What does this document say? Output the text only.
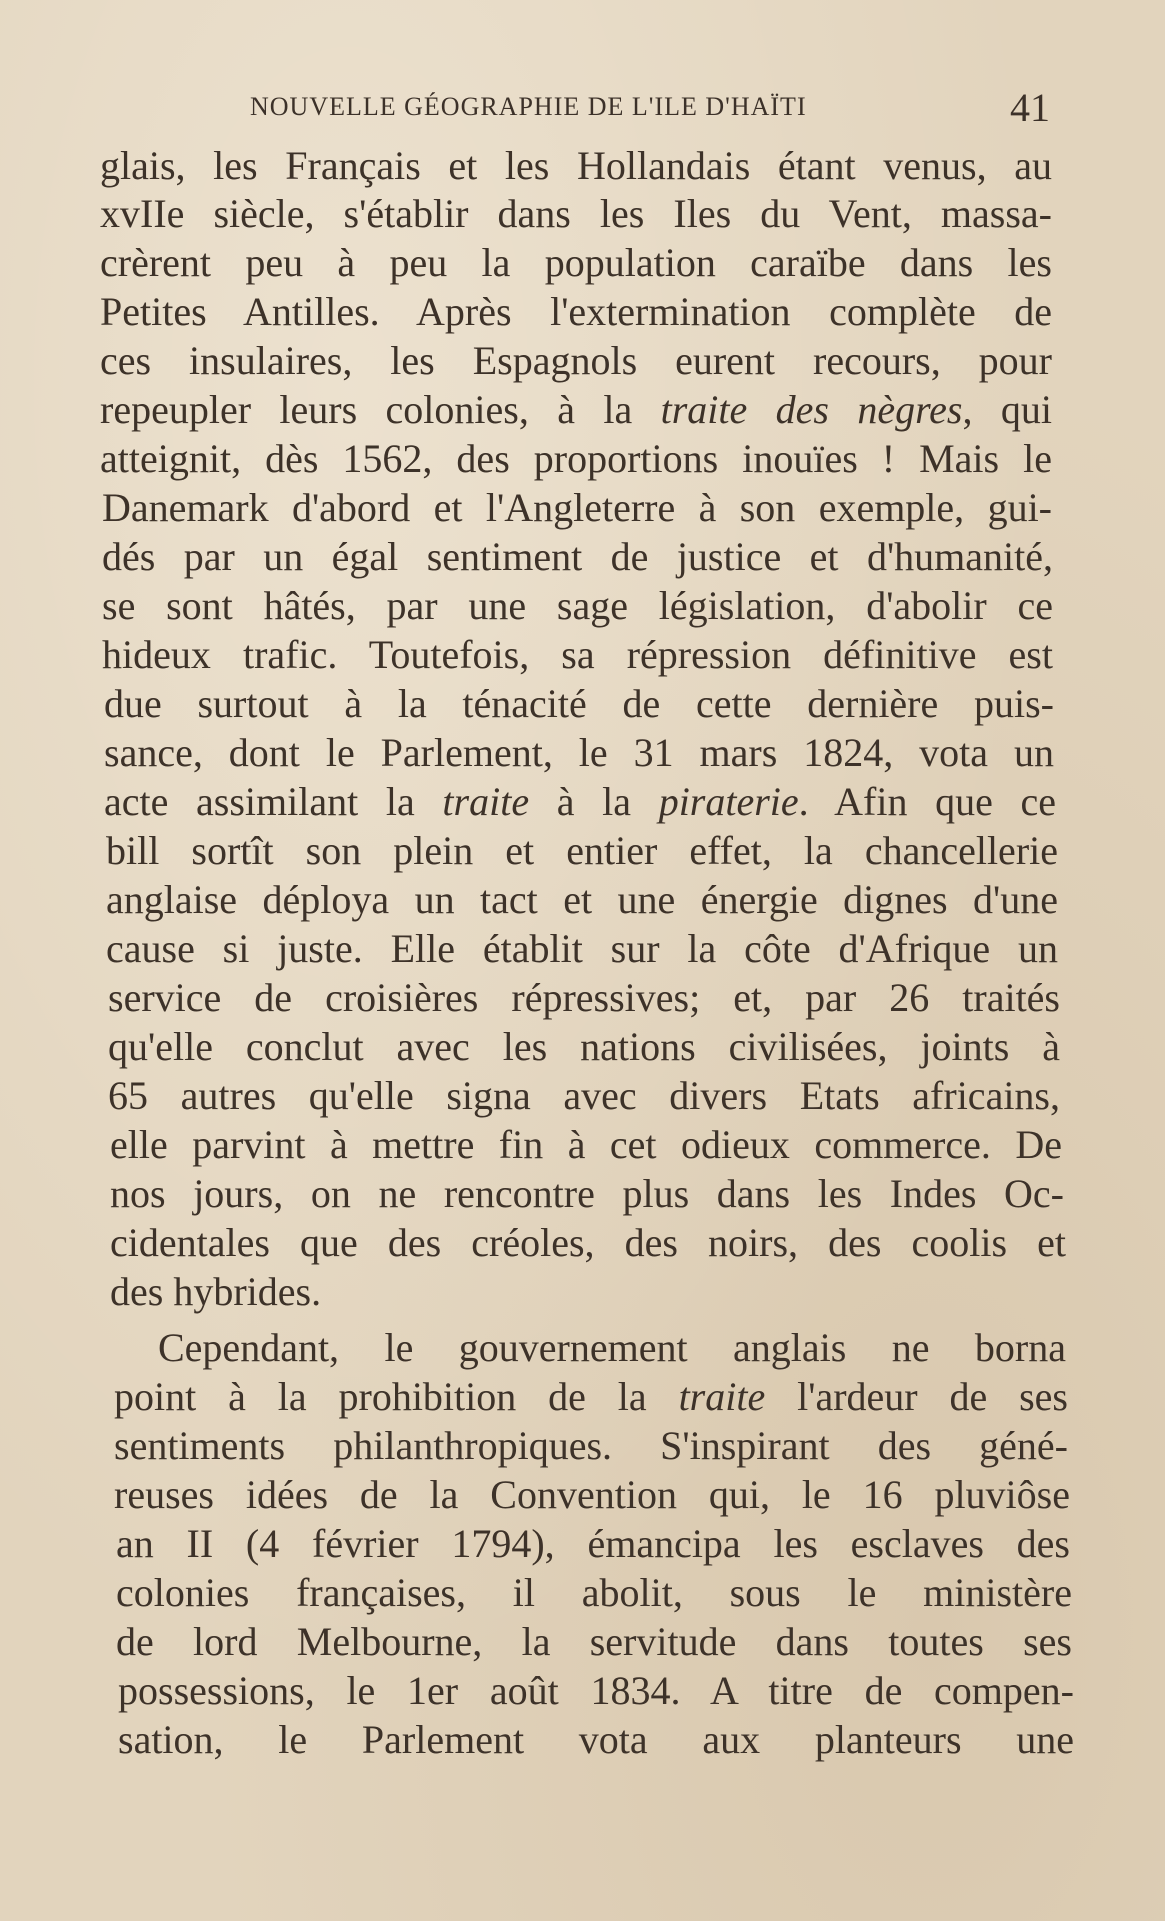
NOUVELLE GÉOGRAPHIE DE L'ILE D'HAÏTI	41
glais, les Français et les Hollandais étant venus, au
xvIIe siècle, s'établir dans les Iles du Vent, massa-
crèrent peu à peu la population caraïbe dans les
Petites Antilles. Après l'extermination complète de
ces insulaires, les Espagnols eurent recours, pour
repeupler leurs colonies, à la traite des nègres, qui
atteignit, dès 1562, des proportions inouïes ! Mais le
Danemark d'abord et l'Angleterre à son exemple, gui-
dés par un égal sentiment de justice et d'humanité,
se sont hâtés, par une sage législation, d'abolir ce
hideux trafic. Toutefois, sa répression définitive est
due surtout à la ténacité de cette dernière puis-
sance, dont le Parlement, le 31 mars 1824, vota un
acte assimilant la traite à la piraterie. Afin que ce
bill sortît son plein et entier effet, la chancellerie
anglaise déploya un tact et une énergie dignes d'une
cause si juste. Elle établit sur la côte d'Afrique un
service de croisières répressives; et, par 26 traités
qu'elle conclut avec les nations civilisées, joints à
65 autres qu'elle signa avec divers Etats africains,
elle parvint à mettre fin à cet odieux commerce. De
nos jours, on ne rencontre plus dans les Indes Oc-
cidentales que des créoles, des noirs, des coolis et
des hybrides.
Cependant, le gouvernement anglais ne borna
point à la prohibition de la traite l'ardeur de ses
sentiments philanthropiques. S'inspirant des géné-
reuses idées de la Convention qui, le 16 pluviôse
an II (4 février 1794), émancipa les esclaves des
colonies françaises, il abolit, sous le ministère
de lord Melbourne, la servitude dans toutes ses
possessions, le 1er août 1834. A titre de compen-
sation, le Parlement vota aux planteurs une
